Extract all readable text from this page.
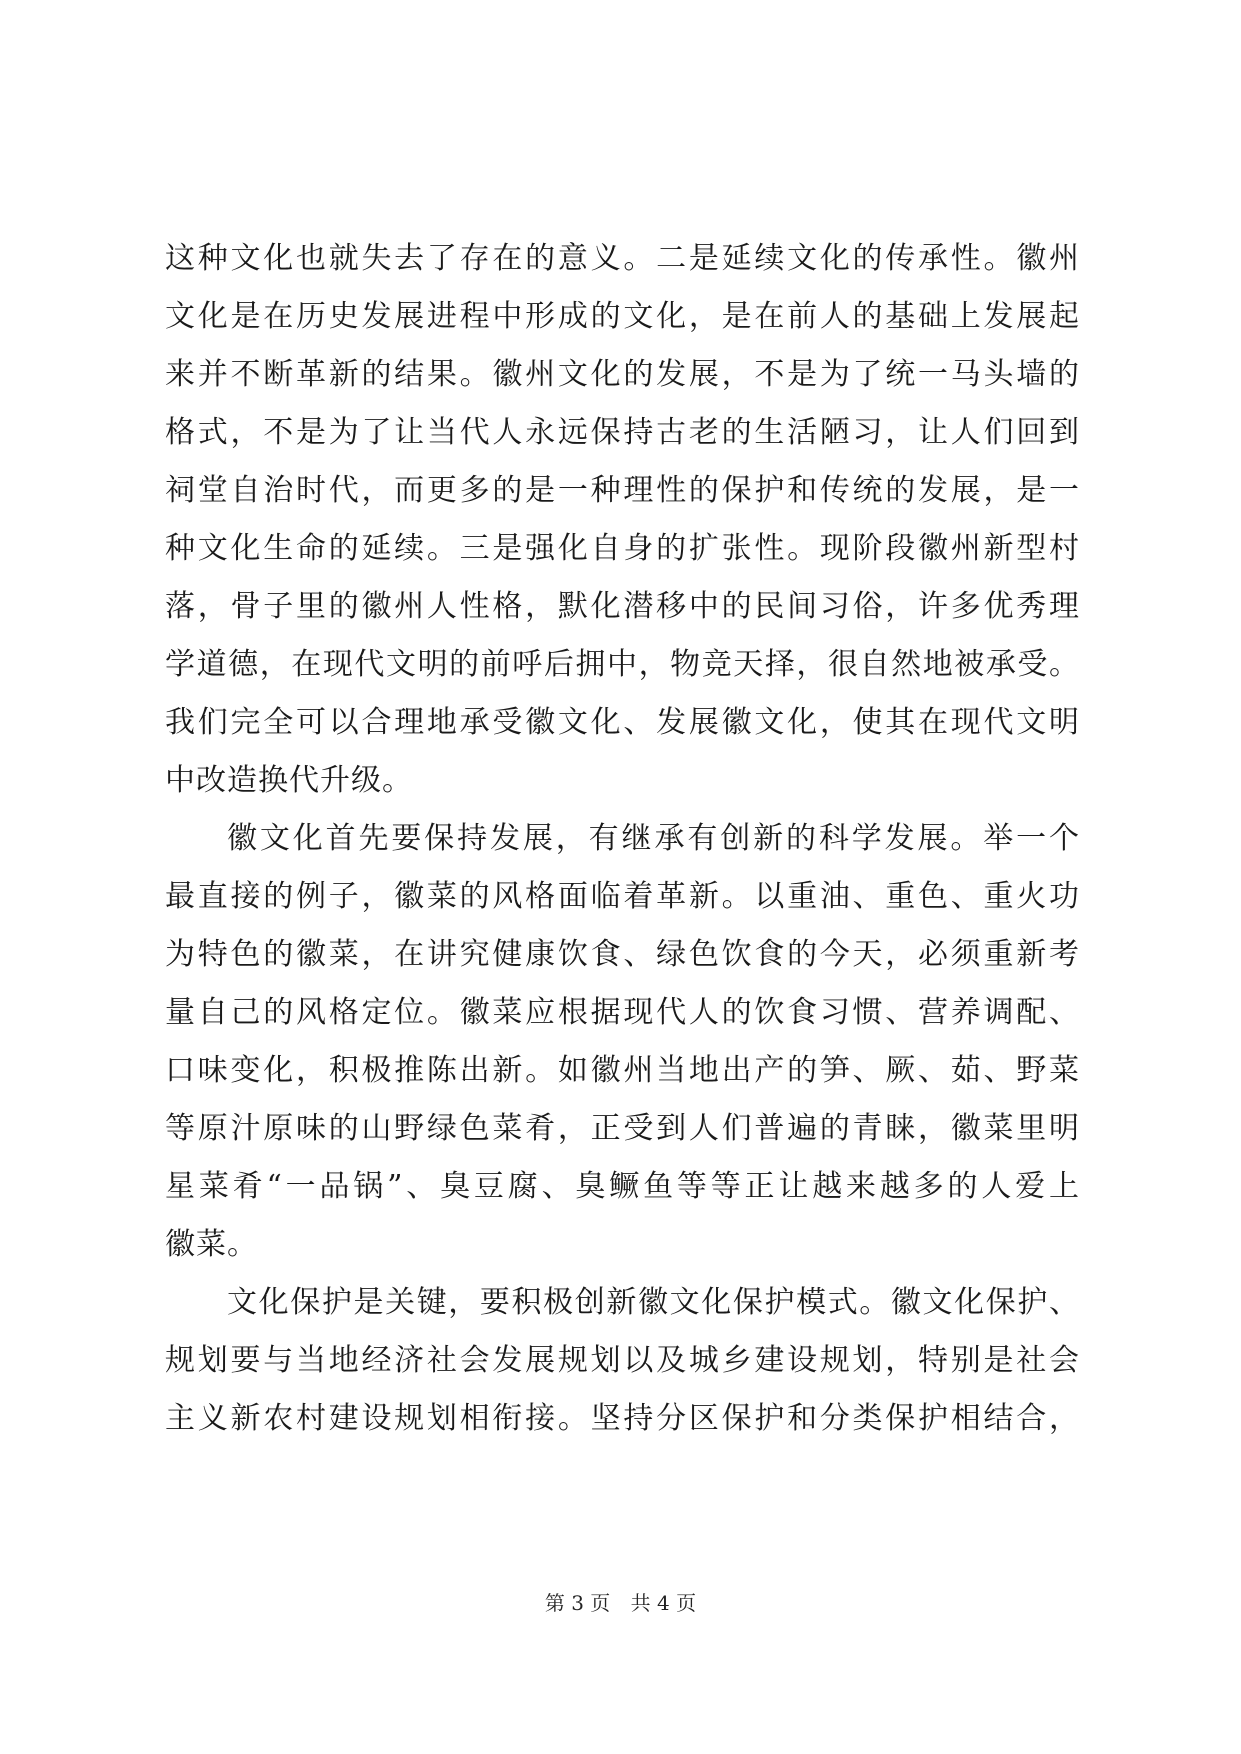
这种文化也就失去了存在的意义。二是延续文化的传承性。徽州
文化是在历史发展进程中形成的文化，是在前人的基础上发展起
来并不断革新的结果。徽州文化的发展，不是为了统一马头墙的
格式，不是为了让当代人永远保持古老的生活陋习，让人们回到
祠堂自治时代，而更多的是一种理性的保护和传统的发展，是一
种文化生命的延续。三是强化自身的扩张性。现阶段徽州新型村
落，骨子里的徽州人性格，默化潜移中的民间习俗，许多优秀理
学道德，在现代文明的前呼后拥中，物竞天择，很自然地被承受。
我们完全可以合理地承受徽文化、发展徽文化，使其在现代文明
中改造换代升级。
徽文化首先要保持发展，有继承有创新的科学发展。举一个
最直接的例子，徽菜的风格面临着革新。以重油、重色、重火功
为特色的徽菜，在讲究健康饮食、绿色饮食的今天，必须重新考
量自己的风格定位。徽菜应根据现代人的饮食习惯、营养调配、
口味变化，积极推陈出新。如徽州当地出产的笋、厥、茹、野菜
等原汁原味的山野绿色菜肴，正受到人们普遍的青睐，徽菜里明
星菜肴“一品锅”、臭豆腐、臭鳜鱼等等正让越来越多的人爱上
徽菜。
文化保护是关键，要积极创新徽文化保护模式。徽文化保护、
规划要与当地经济社会发展规划以及城乡建设规划，特别是社会
主义新农村建设规划相衔接。坚持分区保护和分类保护相结合，
第 3 页 共 4 页
